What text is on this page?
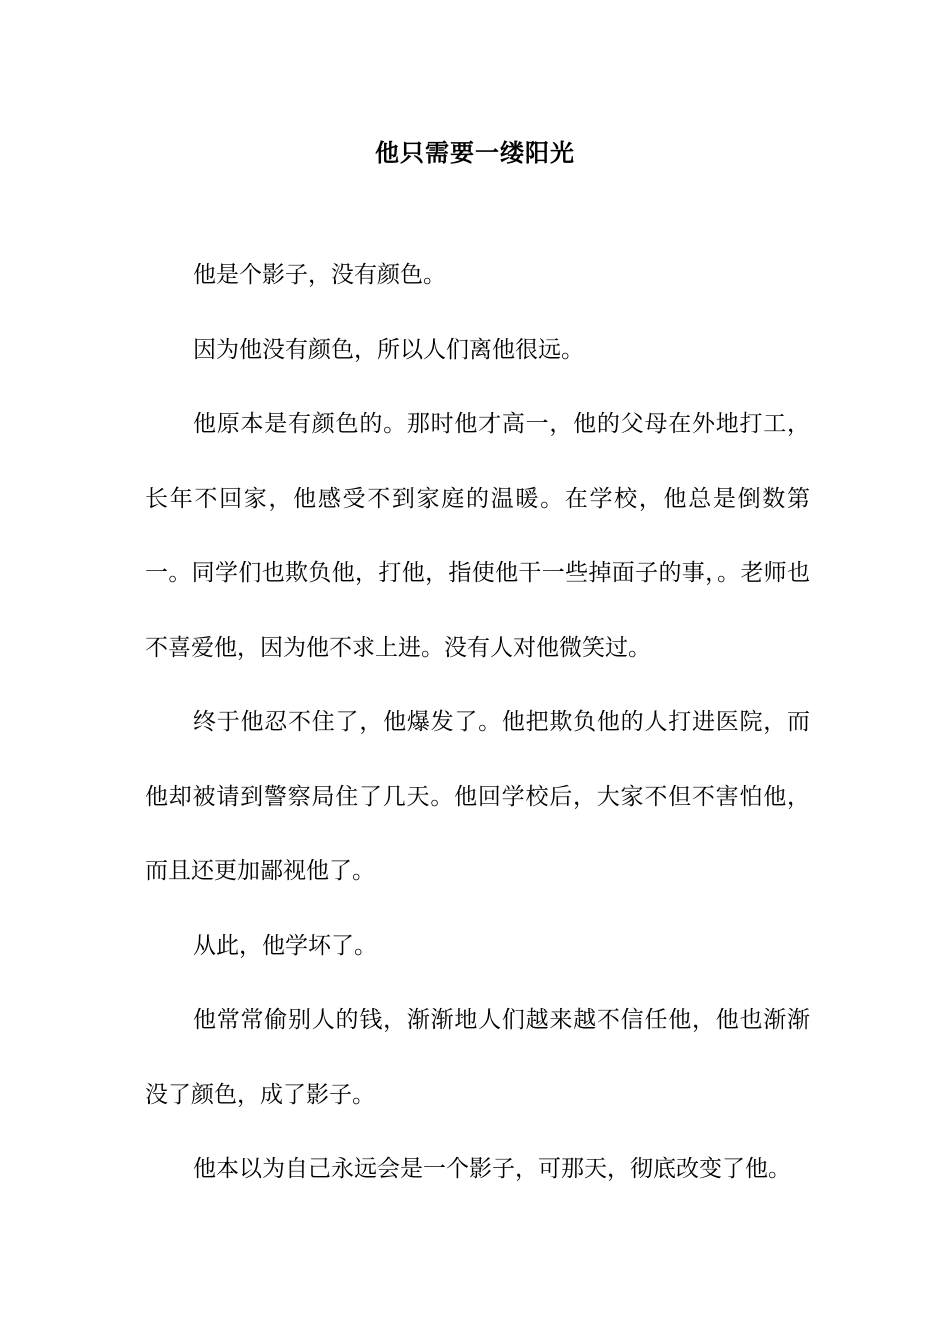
他只需要一缕阳光

他是个影子，没有颜色。

因为他没有颜色，所以人们离他很远。

他原本是有颜色的。那时他才高一，他的父母在外地打工，长年不回家，他感受不到家庭的温暖。在学校，他总是倒数第一。同学们也欺负他，打他，指使他干一些掉面子的事，。老师也不喜爱他，因为他不求上进。没有人对他微笑过。

终于他忍不住了，他爆发了。他把欺负他的人打进医院，而他却被请到警察局住了几天。他回学校后，大家不但不害怕他，而且还更加鄙视他了。

从此，他学坏了。

他常常偷别人的钱，渐渐地人们越来越不信任他，他也渐渐没了颜色，成了影子。

他本以为自己永远会是一个影子，可那天，彻底改变了他。
